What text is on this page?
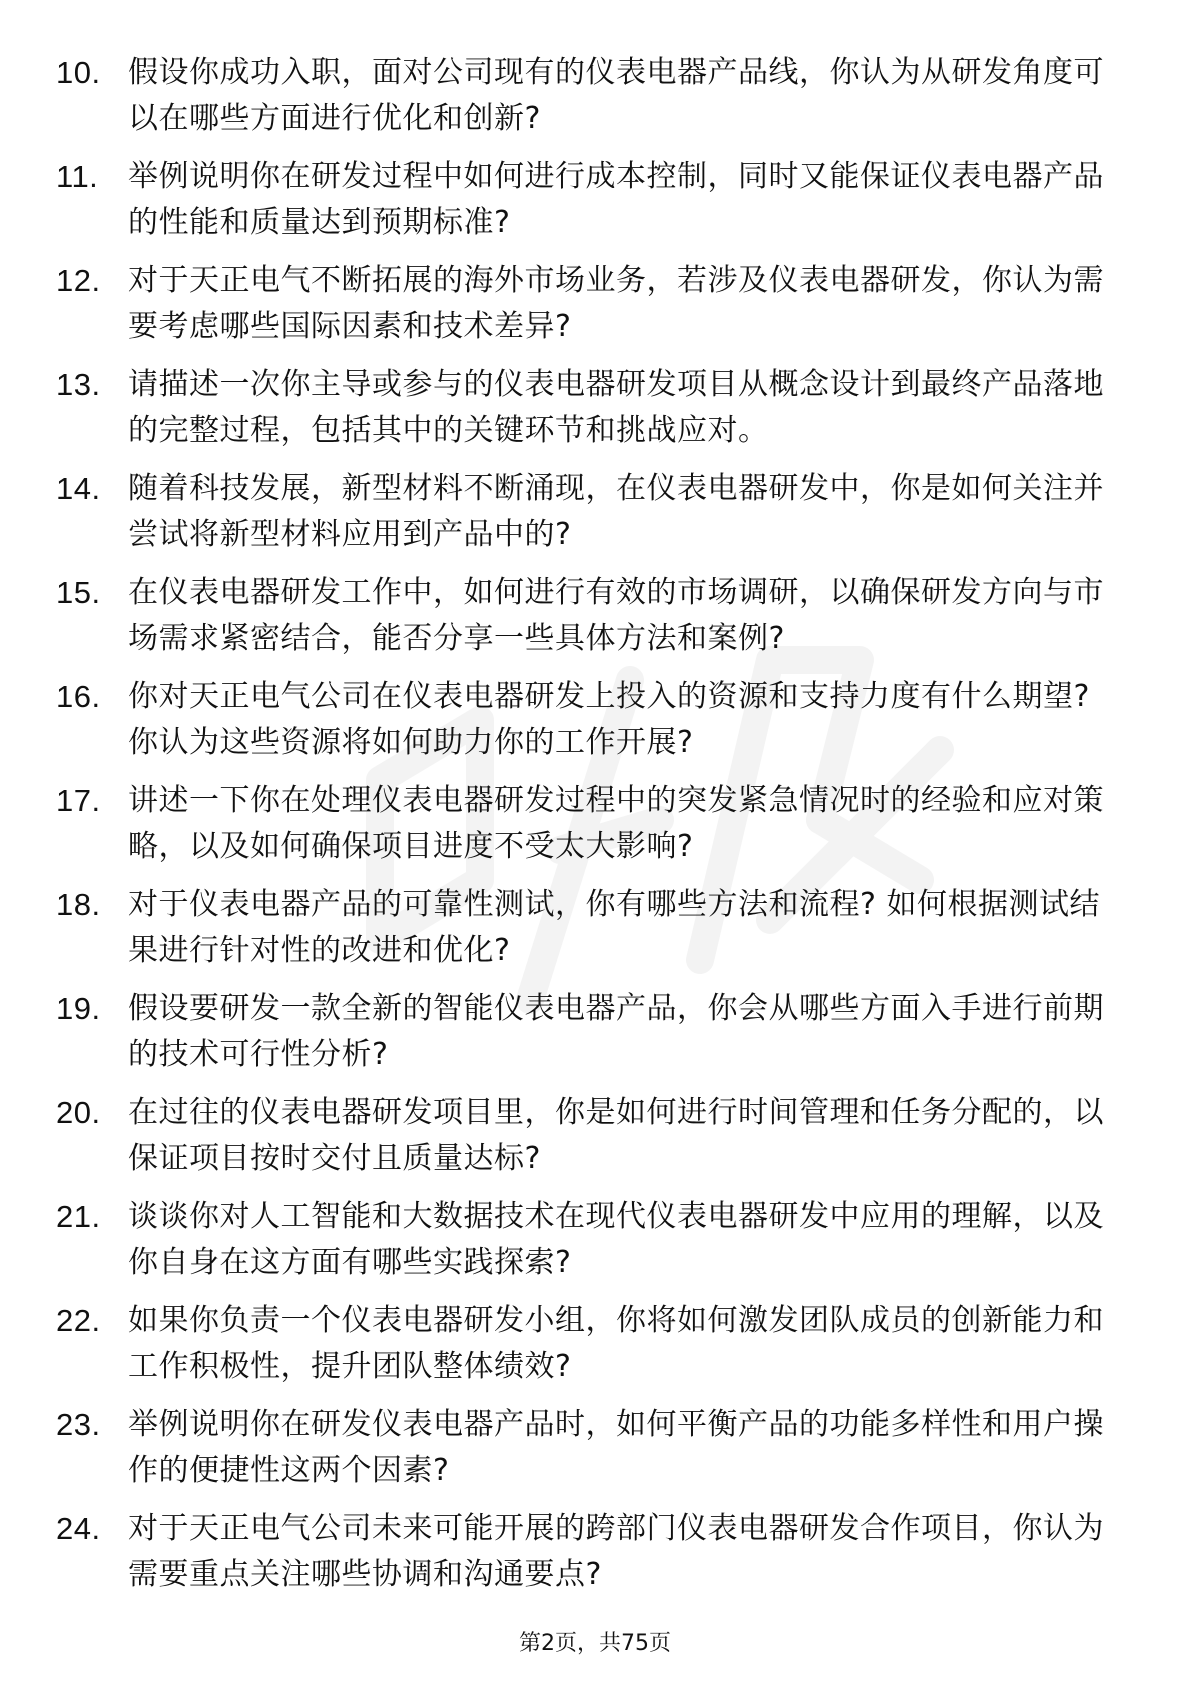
10. 假设你成功入职，面对公司现有的仪表电器产品线，你认为从研发角度可以在哪些方面进行优化和创新?
11. 举例说明你在研发过程中如何进行成本控制，同时又能保证仪表电器产品的性能和质量达到预期标准?
12. 对于天正电气不断拓展的海外市场业务，若涉及仪表电器研发，你认为需要考虑哪些国际因素和技术差异?
13. 请描述一次你主导或参与的仪表电器研发项目从概念设计到最终产品落地的完整过程，包括其中的关键环节和挑战应对。
14. 随着科技发展，新型材料不断涌现，在仪表电器研发中，你是如何关注并尝试将新型材料应用到产品中的?
15. 在仪表电器研发工作中，如何进行有效的市场调研，以确保研发方向与市场需求紧密结合，能否分享一些具体方法和案例?
16. 你对天正电气公司在仪表电器研发上投入的资源和支持力度有什么期望? 你认为这些资源将如何助力你的工作开展?
17. 讲述一下你在处理仪表电器研发过程中的突发紧急情况时的经验和应对策略，以及如何确保项目进度不受太大影响?
18. 对于仪表电器产品的可靠性测试，你有哪些方法和流程? 如何根据测试结果进行针对性的改进和优化?
19. 假设要研发一款全新的智能仪表电器产品，你会从哪些方面入手进行前期的技术可行性分析?
20. 在过往的仪表电器研发项目里，你是如何进行时间管理和任务分配的，以保证项目按时交付且质量达标?
21. 谈谈你对人工智能和大数据技术在现代仪表电器研发中应用的理解，以及你自身在这方面有哪些实践探索?
22. 如果你负责一个仪表电器研发小组，你将如何激发团队成员的创新能力和工作积极性，提升团队整体绩效?
23. 举例说明你在研发仪表电器产品时，如何平衡产品的功能多样性和用户操作的便捷性这两个因素?
24. 对于天正电气公司未来可能开展的跨部门仪表电器研发合作项目，你认为需要重点关注哪些协调和沟通要点?
第2页，共75页
